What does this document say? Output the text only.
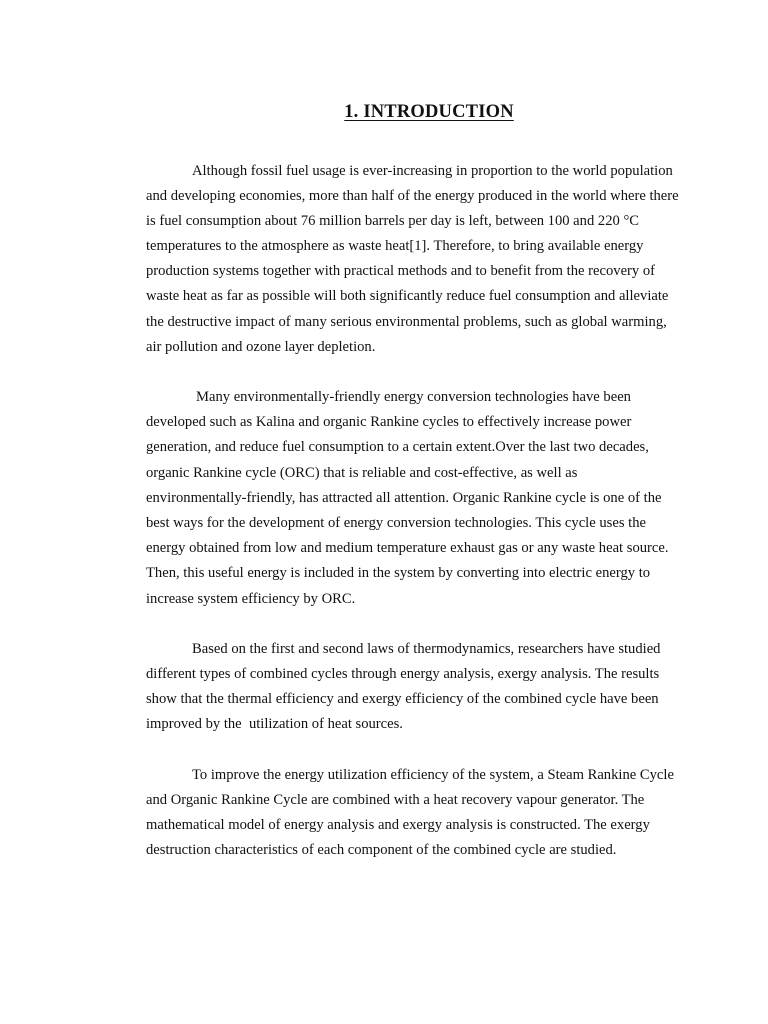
1. INTRODUCTION
Although fossil fuel usage is ever-increasing in proportion to the world population
and developing economies, more than half of the energy produced in the world where there
is fuel consumption about 76 million barrels per day is left, between 100 and 220 °C
temperatures to the atmosphere as waste heat[1]. Therefore, to bring available energy
production systems together with practical methods and to benefit from the recovery of
waste heat as far as possible will both significantly reduce fuel consumption and alleviate
the destructive impact of many serious environmental problems, such as global warming,
air pollution and ozone layer depletion.
Many environmentally-friendly energy conversion technologies have been
developed such as Kalina and organic Rankine cycles to effectively increase power
generation, and reduce fuel consumption to a certain extent.Over the last two decades,
organic Rankine cycle (ORC) that is reliable and cost-effective, as well as
environmentally-friendly, has attracted all attention. Organic Rankine cycle is one of the
best ways for the development of energy conversion technologies. This cycle uses the
energy obtained from low and medium temperature exhaust gas or any waste heat source.
Then, this useful energy is included in the system by converting into electric energy to
increase system efficiency by ORC.
Based on the first and second laws of thermodynamics, researchers have studied
different types of combined cycles through energy analysis, exergy analysis. The results
show that the thermal efficiency and exergy efficiency of the combined cycle have been
improved by the  utilization of heat sources.
To improve the energy utilization efficiency of the system, a Steam Rankine Cycle
and Organic Rankine Cycle are combined with a heat recovery vapour generator. The
mathematical model of energy analysis and exergy analysis is constructed. The exergy
destruction characteristics of each component of the combined cycle are studied.
